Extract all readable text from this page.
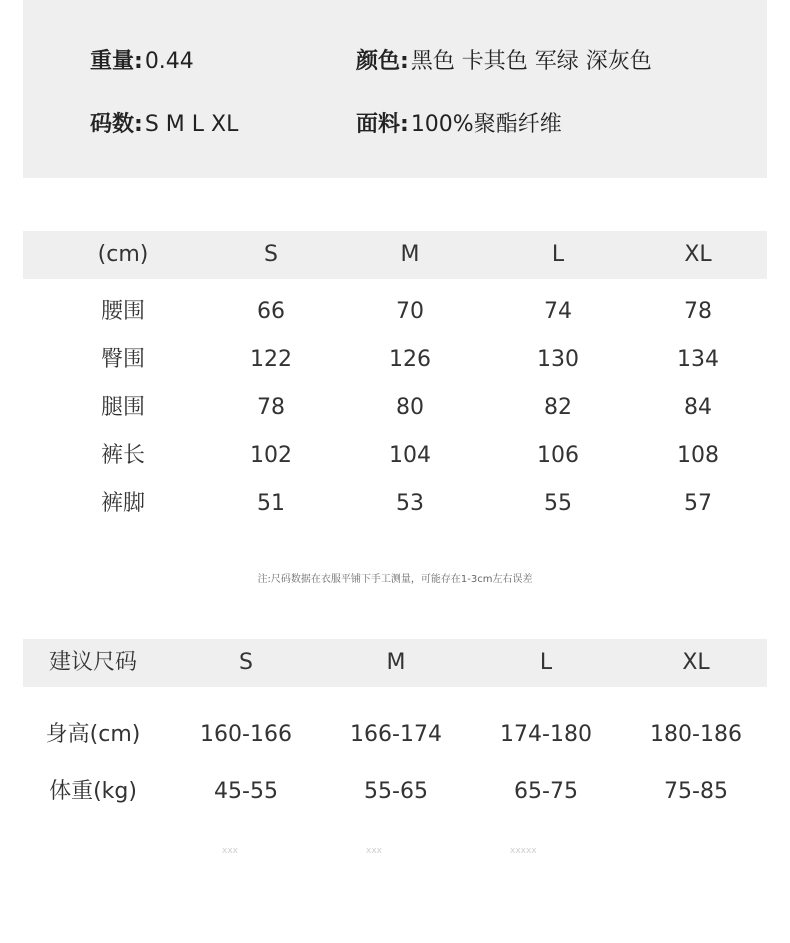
重量:0.44	颜色:黑色 卡其色 军绿 深灰色
码数:S M L XL	面料:100%聚酯纤维
(cm)	S	M	L	XL
腰围	66	70	74	78
臀围	122	126	130	134
腿围	78	80	82	84
裤长	102	104	106	108
裤脚	51	53	55	57
注:尺码数据在衣服平铺下手工测量，可能存在1-3cm左右误差
建议尺码	S	M	L	XL
身高(cm)	160-166	166-174	174-180	180-186
体重(kg)	45-55	55-65	65-75	75-85
xxx	xxx	xxxxx
